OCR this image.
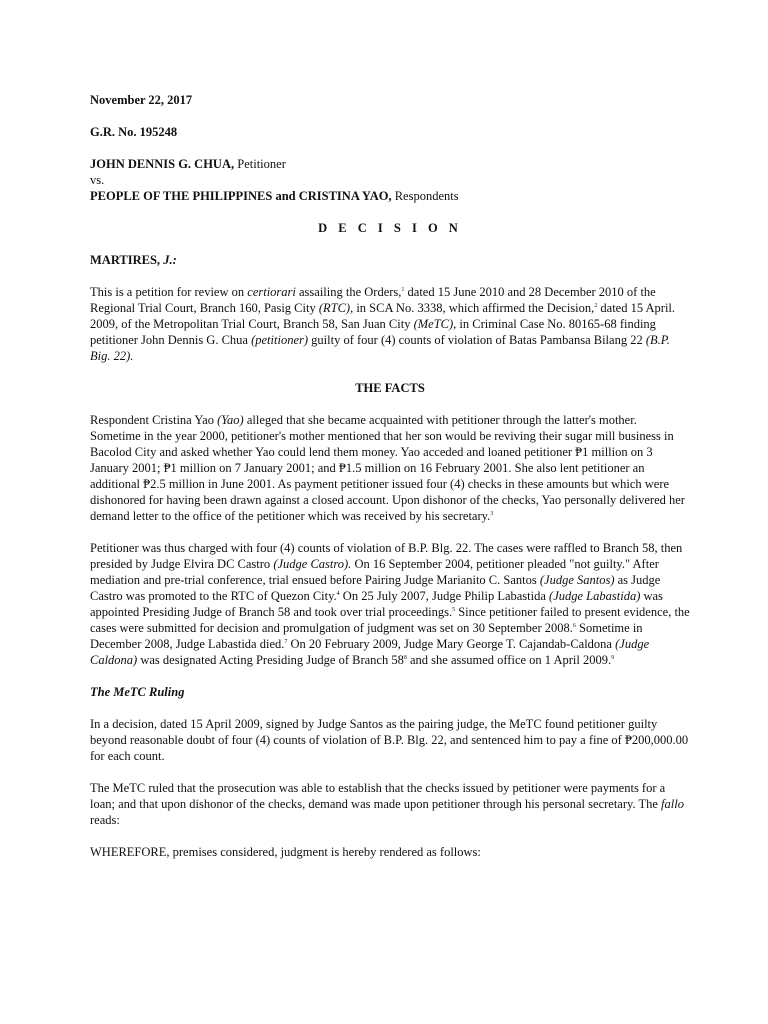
November 22, 2017
G.R. No. 195248
JOHN DENNIS G. CHUA, Petitioner
vs.
PEOPLE OF THE PHILIPPINES and CRISTINA YAO, Respondents
D E C I S I O N
MARTIRES, J.:

This is a petition for review on certiorari assailing the Orders,$^1$ dated 15 June 2010 and 28 December 2010 of the Regional Trial Court, Branch 160, Pasig City (RTC), in SCA No. 3338, which affirmed the Decision,$^2$ dated 15 April. 2009, of the Metropolitan Trial Court, Branch 58, San Juan City (MeTC), in Criminal Case No. 80165-68 finding petitioner John Dennis G. Chua (petitioner) guilty of four (4) counts of violation of Batas Pambansa Bilang 22 (B.P. Big. 22).

THE FACTS

Respondent Cristina Yao (Yao) alleged that she became acquainted with petitioner through the latter's mother. Sometime in the year 2000, petitioner's mother mentioned that her son would be reviving their sugar mill business in Bacolod City and asked whether Yao could lend them money. Yao acceded and loaned petitioner ₱1 million on 3 January 2001; ₱1 million on 7 January 2001; and ₱1.5 million on 16 February 2001. She also lent petitioner an additional ₱2.5 million in June 2001. As payment petitioner issued four (4) checks in these amounts but which were dishonored for having been drawn against a closed account. Upon dishonor of the checks, Yao personally delivered her demand letter to the office of the petitioner which was received by his secretary.$^3$

Petitioner was thus charged with four (4) counts of violation of B.P. Blg. 22. The cases were raffled to Branch 58, then presided by Judge Elvira DC Castro (Judge Castro). On 16 September 2004, petitioner pleaded "not guilty." After mediation and pre-trial conference, trial ensued before Pairing Judge Marianito C. Santos (Judge Santos) as Judge Castro was promoted to the RTC of Quezon City.$^4$ On 25 July 2007, Judge Philip Labastida (Judge Labastida) was appointed Presiding Judge of Branch 58 and took over trial proceedings.$^5$ Since petitioner failed to present evidence, the cases were submitted for decision and promulgation of judgment was set on 30 September 2008.$^6$ Sometime in December 2008, Judge Labastida died.$^7$ On 20 February 2009, Judge Mary George T. Cajandab-Caldona (Judge Caldona) was designated Acting Presiding Judge of Branch $58^8$ and she assumed office on 1 April 2009.$^9$

The MeTC Ruling

In a decision, dated 15 April 2009, signed by Judge Santos as the pairing judge, the MeTC found petitioner guilty beyond reasonable doubt of four (4) counts of violation of B.P. Blg. 22, and sentenced him to pay a fine of ₱200,000.00 for each count.

The MeTC ruled that the prosecution was able to establish that the checks issued by petitioner were payments for a loan; and that upon dishonor of the checks, demand was made upon petitioner through his personal secretary. The fallo reads:

WHEREFORE, premises considered, judgment is hereby rendered as follows:
